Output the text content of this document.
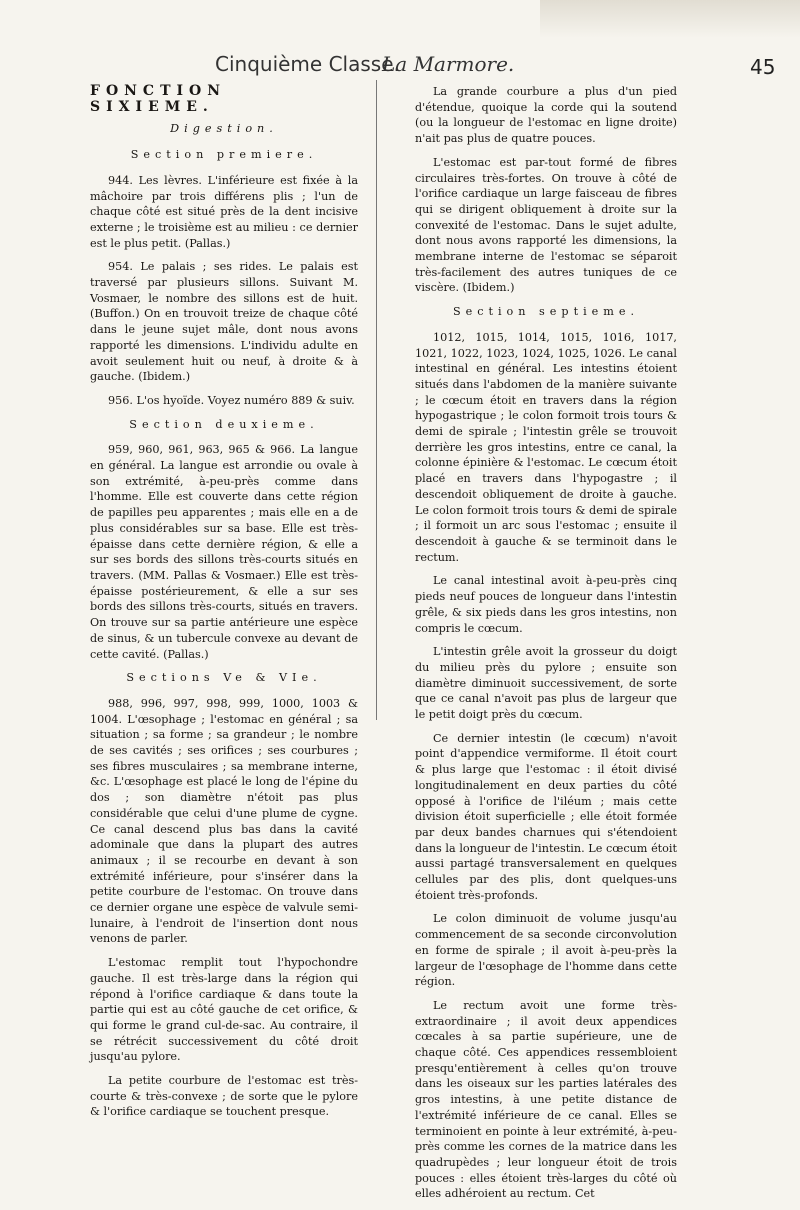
Cinquième Classe.
La Marmore.	45
FONCTION SIXIEME.
Digestion.
Section premiere.

944. Les lèvres. L'inférieure est fixée à la mâchoire par trois différens plis ; l'un de chaque côté est situé près de la dent incisive externe ; le troisième est au milieu : ce dernier est le plus petit. (Pallas.)

954. Le palais ; ses rides. Le palais est traversé par plusieurs sillons. Suivant M. Vosmaer, le nombre des sillons est de huit. (Buffon.) On en trouvoit treize de chaque côté dans le jeune sujet mâle, dont nous avons rapporté les dimensions. L'individu adulte en avoit seulement huit ou neuf, à droite & à gauche. (Ibidem.)

956. L'os hyoïde. Voyez numéro 889 & suiv.

Section deuxieme.

959, 960, 961, 963, 965 & 966. La langue en général. La langue est arrondie ou ovale à son extrémité, à-peu-près comme dans l'homme. Elle est couverte dans cette région de papilles peu apparentes ; mais elle en a de plus considérables sur sa base. Elle est très-épaisse dans cette dernière région, & elle a sur ses bords des sillons très-courts situés en travers. (MM. Pallas & Vosmaer.) Elle est très-épaisse postérieurement, & elle a sur ses bords des sillons très-courts, situés en travers. On trouve sur sa partie antérieure une espèce de sinus, & un tubercule convexe au devant de cette cavité. (Pallas.)

Sections Ve & VIe.

988, 996, 997, 998, 999, 1000, 1003 & 1004. L'œsophage ; l'estomac en général ; sa situation ; sa forme ; sa grandeur ; le nombre de ses cavités ; ses orifices ; ses courbures ; ses fibres musculaires ; sa membrane interne, &c. L'œsophage est placé le long de l'épine du dos ; son diamètre n'étoit pas plus considérable que celui d'une plume de cygne. Ce canal descend plus bas dans la cavité adominale que dans la plupart des autres animaux ; il se recourbe en devant à son extrémité inférieure, pour s'insérer dans la petite courbure de l'estomac. On trouve dans ce dernier organe une espèce de valvule semi-lunaire, à l'endroit de l'insertion dont nous venons de parler.

L'estomac remplit tout l'hypochondre gauche. Il est très-large dans la région qui répond à l'orifice cardiaque & dans toute la partie qui est au côté gauche de cet orifice, & qui forme le grand cul-de-sac. Au contraire, il se rétrécit successivement du côté droit jusqu'au pylore.

La petite courbure de l'estomac est très-courte & très-convexe ; de sorte que le pylore & l'orifice cardiaque se touchent presque.

La grande courbure a plus d'un pied d'étendue, quoique la corde qui la soutend (ou la longueur de l'estomac en ligne droite) n'ait pas plus de quatre pouces.

L'estomac est par-tout formé de fibres circulaires très-fortes. On trouve à côté de l'orifice cardiaque un large faisceau de fibres qui se dirigent obliquement à droite sur la convexité de l'estomac. Dans le sujet adulte, dont nous avons rapporté les dimensions, la membrane interne de l'estomac se séparoit très-facilement des autres tuniques de ce viscère. (Ibidem.)

Section septieme.

1012, 1015, 1014, 1015, 1016, 1017, 1021, 1022, 1023, 1024, 1025, 1026. Le canal intestinal en général. Les intestins étoient situés dans l'abdomen de la manière suivante ; le cœcum étoit en travers dans la région hypogastrique ; le colon formoit trois tours & demi de spirale ; l'intestin grêle se trouvoit derrière les gros intestins, entre ce canal, la colonne épinière & l'estomac. Le cœcum étoit placé en travers dans l'hypogastre ; il descendoit obliquement de droite à gauche. Le colon formoit trois tours & demi de spirale ; il formoit un arc sous l'estomac ; ensuite il descendoit à gauche & se terminoit dans le rectum.

Le canal intestinal avoit à-peu-près cinq pieds neuf pouces de longueur dans l'intestin grêle, & six pieds dans les gros intestins, non compris le cœcum.

L'intestin grêle avoit la grosseur du doigt du milieu près du pylore ; ensuite son diamètre diminuoit successivement, de sorte que ce canal n'avoit pas plus de largeur que le petit doigt près du cœcum.

Ce dernier intestin (le cœcum) n'avoit point d'appendice vermiforme. Il étoit court & plus large que l'estomac : il étoit divisé longitudinalement en deux parties du côté opposé à l'orifice de l'iléum ; mais cette division étoit superficielle ; elle étoit formée par deux bandes charnues qui s'étendoient dans la longueur de l'intestin. Le cœcum étoit aussi partagé transversalement en quelques cellules par des plis, dont quelques-uns étoient très-profonds.

Le colon diminuoit de volume jusqu'au commencement de sa seconde circonvolution en forme de spirale ; il avoit à-peu-près la largeur de l'œsophage de l'homme dans cette région.

Le rectum avoit une forme très-extraordinaire ; il avoit deux appendices cœcales à sa partie supérieure, une de chaque côté. Ces appendices ressembloient presqu'entièrement à celles qu'on trouve dans les oiseaux sur les parties latérales des gros intestins, à une petite distance de l'extrémité inférieure de ce canal. Elles se terminoient en pointe à leur extrémité, à-peu-près comme les cornes de la matrice dans les quadrupèdes ; leur longueur étoit de trois pouces : elles étoient très-larges du côté où elles adhéroient au rectum. Cet
